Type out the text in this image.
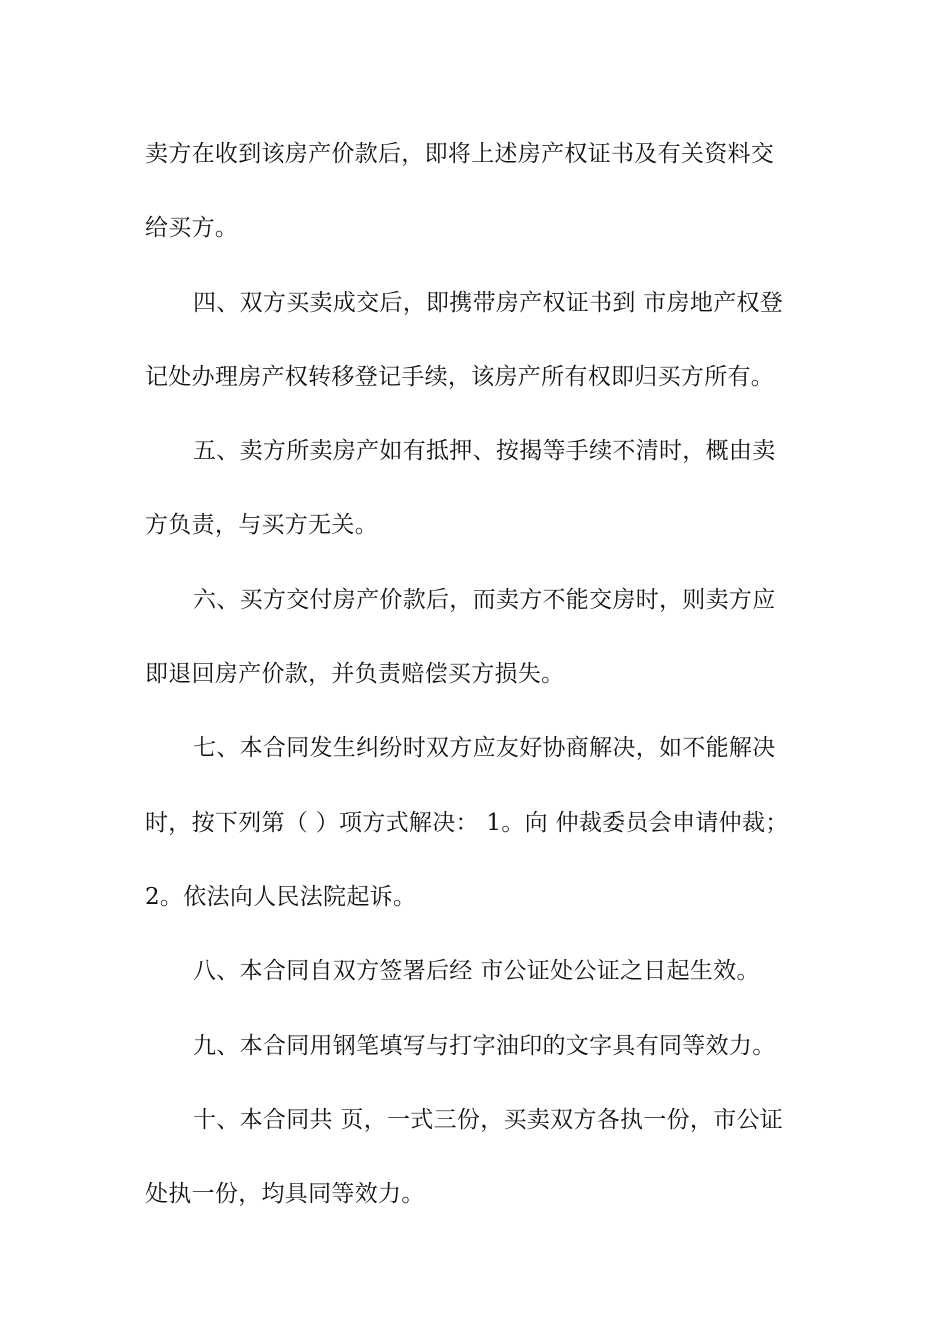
卖方在收到该房产价款后，即将上述房产权证书及有关资料交
给买方。
四、双方买卖成交后，即携带房产权证书到 市房地产权登
记处办理房产权转移登记手续，该房产所有权即归买方所有。
五、卖方所卖房产如有抵押、按揭等手续不清时，概由卖
方负责，与买方无关。
六、买方交付房产价款后，而卖方不能交房时，则卖方应
即退回房产价款，并负责赔偿买方损失。
七、本合同发生纠纷时双方应友好协商解决，如不能解决
时，按下列第（ ）项方式解决： 1。向 仲裁委员会申请仲裁；
2。依法向人民法院起诉。
八、本合同自双方签署后经 市公证处公证之日起生效。
九、本合同用钢笔填写与打字油印的文字具有同等效力。
十、本合同共 页，一式三份，买卖双方各执一份，市公证
处执一份，均具同等效力。
